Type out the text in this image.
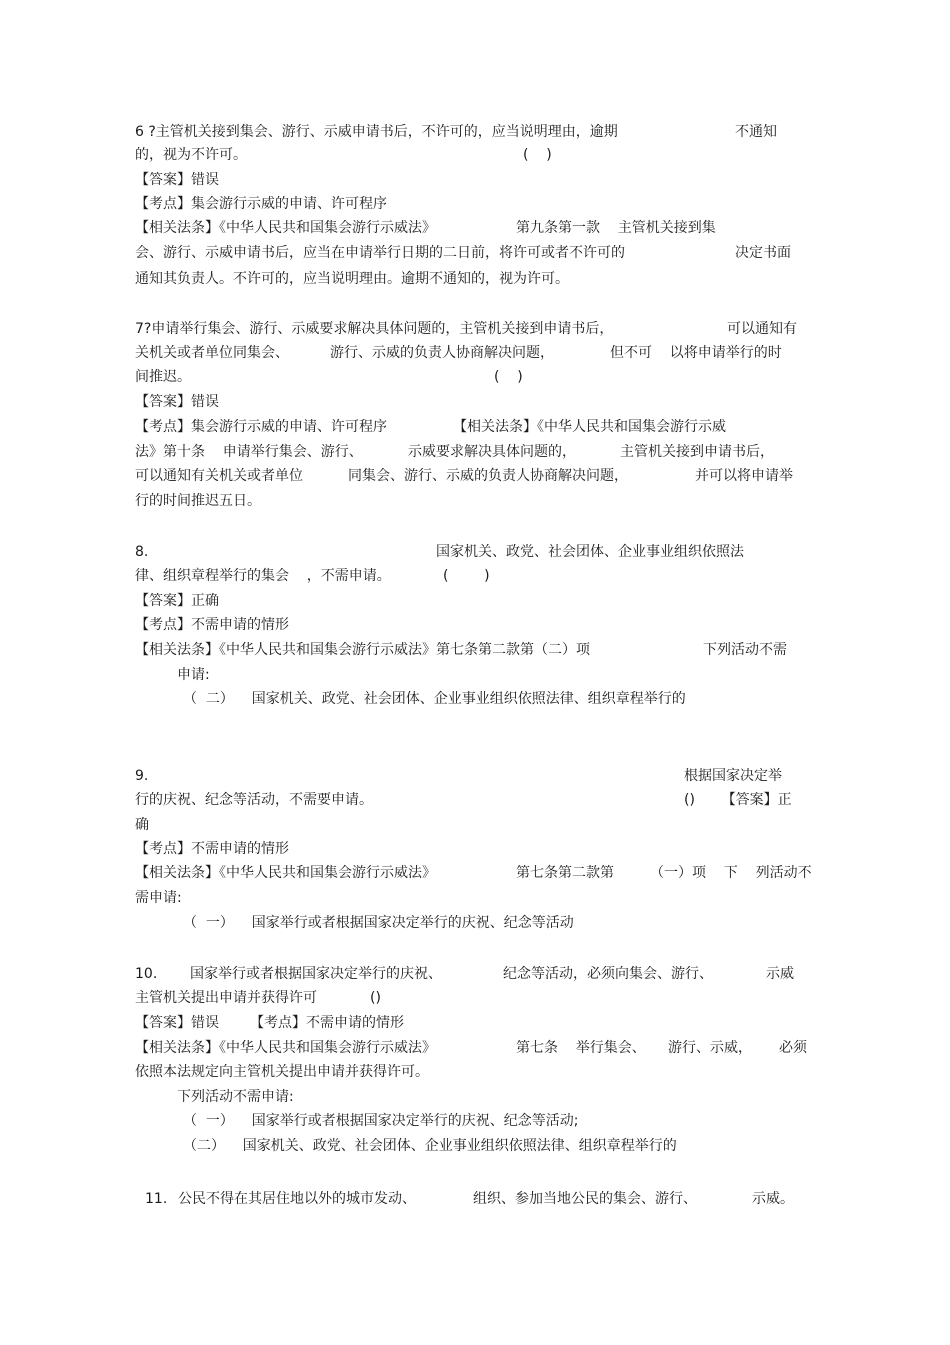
6 ?主管机关接到集会、游行、示威申请书后，不许可的，应当说明理由，逾期	不通知
的，视为不许可。	(    )
【答案】错误
【考点】集会游行示威的申请、许可程序
【相关法条】《中华人民共和国集会游行示威法》	第九条第一款    主管机关接到集
会、游行、示威申请书后，应当在申请举行日期的二日前，将许可或者不许可的	决定书面
通知其负责人。不许可的，应当说明理由。逾期不通知的，视为许可。
7?申请举行集会、游行、示威要求解决具体问题的，主管机关接到申请书后，	可以通知有
关机关或者单位同集会、	游行、示威的负责人协商解决问题，	但不可    以将申请举行的时
间推迟。	(    )
【答案】错误
【考点】集会游行示威的申请、许可程序	【相关法条】《中华人民共和国集会游行示威
法》第十条    申请举行集会、游行、	示威要求解决具体问题的，	主管机关接到申请书后，
可以通知有关机关或者单位	同集会、游行、示威的负责人协商解决问题，	并可以将申请举
行的时间推迟五日。
8.	国家机关、政党、社会团体、企业事业组织依照法
律、组织章程举行的集会    ，不需申请。	(        )
【答案】正确
【考点】不需申请的情形
【相关法条】《中华人民共和国集会游行示威法》第七条第二款第（二）项	下列活动不需
申请:
（  二）    国家机关、政党、社会团体、企业事业组织依照法律、组织章程举行的
9.	根据国家决定举
行的庆祝、纪念等活动，不需要申请。	()      【答案】正
确
【考点】不需申请的情形
【相关法条】《中华人民共和国集会游行示威法》	第七条第二款第	（一）项    下    列活动不
需申请:
（  一）    国家举行或者根据国家决定举行的庆祝、纪念等活动
10. 国家举行或者根据国家决定举行的庆祝、	纪念等活动，必须向集会、游行、	示威
主管机关提出申请并获得许可	()
【答案】错误 【考点】不需申请的情形
【相关法条】《中华人民共和国集会游行示威法》	第七条    举行集会、 游行、示威， 必须
依照本法规定向主管机关提出申请并获得许可。
下列活动不需申请:
（  一）    国家举行或者根据国家决定举行的庆祝、纪念等活动;
（二）    国家机关、政党、社会团体、企业事业组织依照法律、组织章程举行的
11. 公民不得在其居住地以外的城市发动、	组织、参加当地公民的集会、游行、	示威。
